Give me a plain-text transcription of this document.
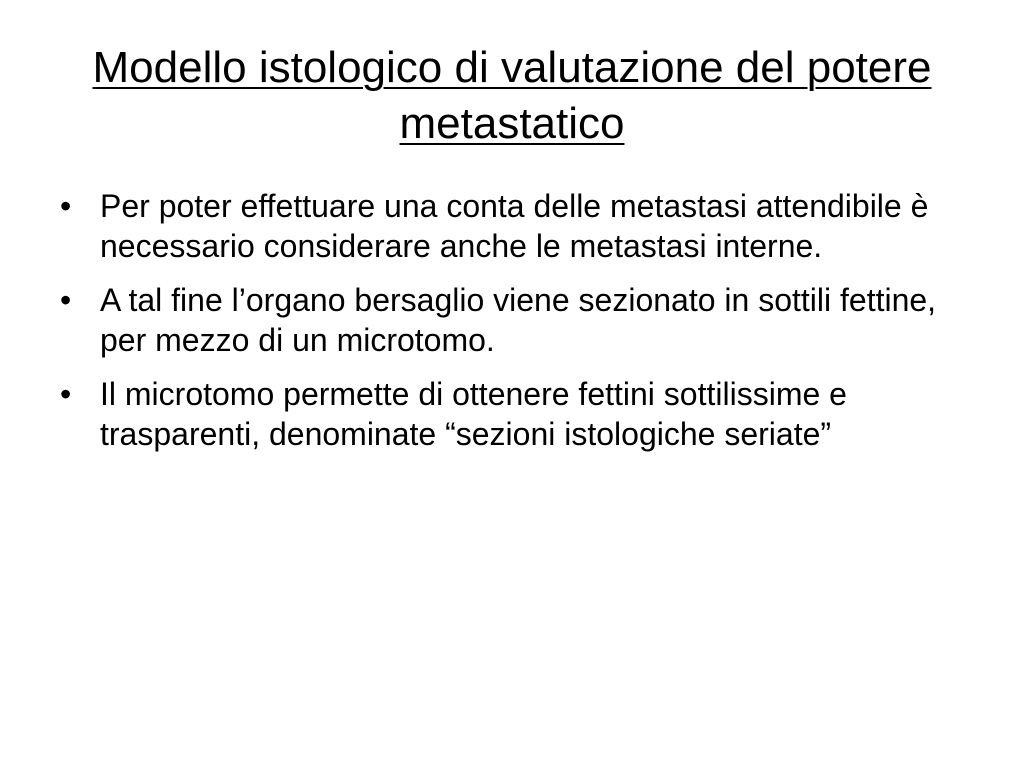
Modello istologico di valutazione del potere metastatico
• Per poter effettuare una conta delle metastasi attendibile è necessario considerare anche le metastasi interne.
• A tal fine l’organo bersaglio viene sezionato in sottili fettine, per mezzo di un microtomo.
• Il microtomo permette di ottenere fettini sottilissime e trasparenti, denominate “sezioni istologiche seriate”
